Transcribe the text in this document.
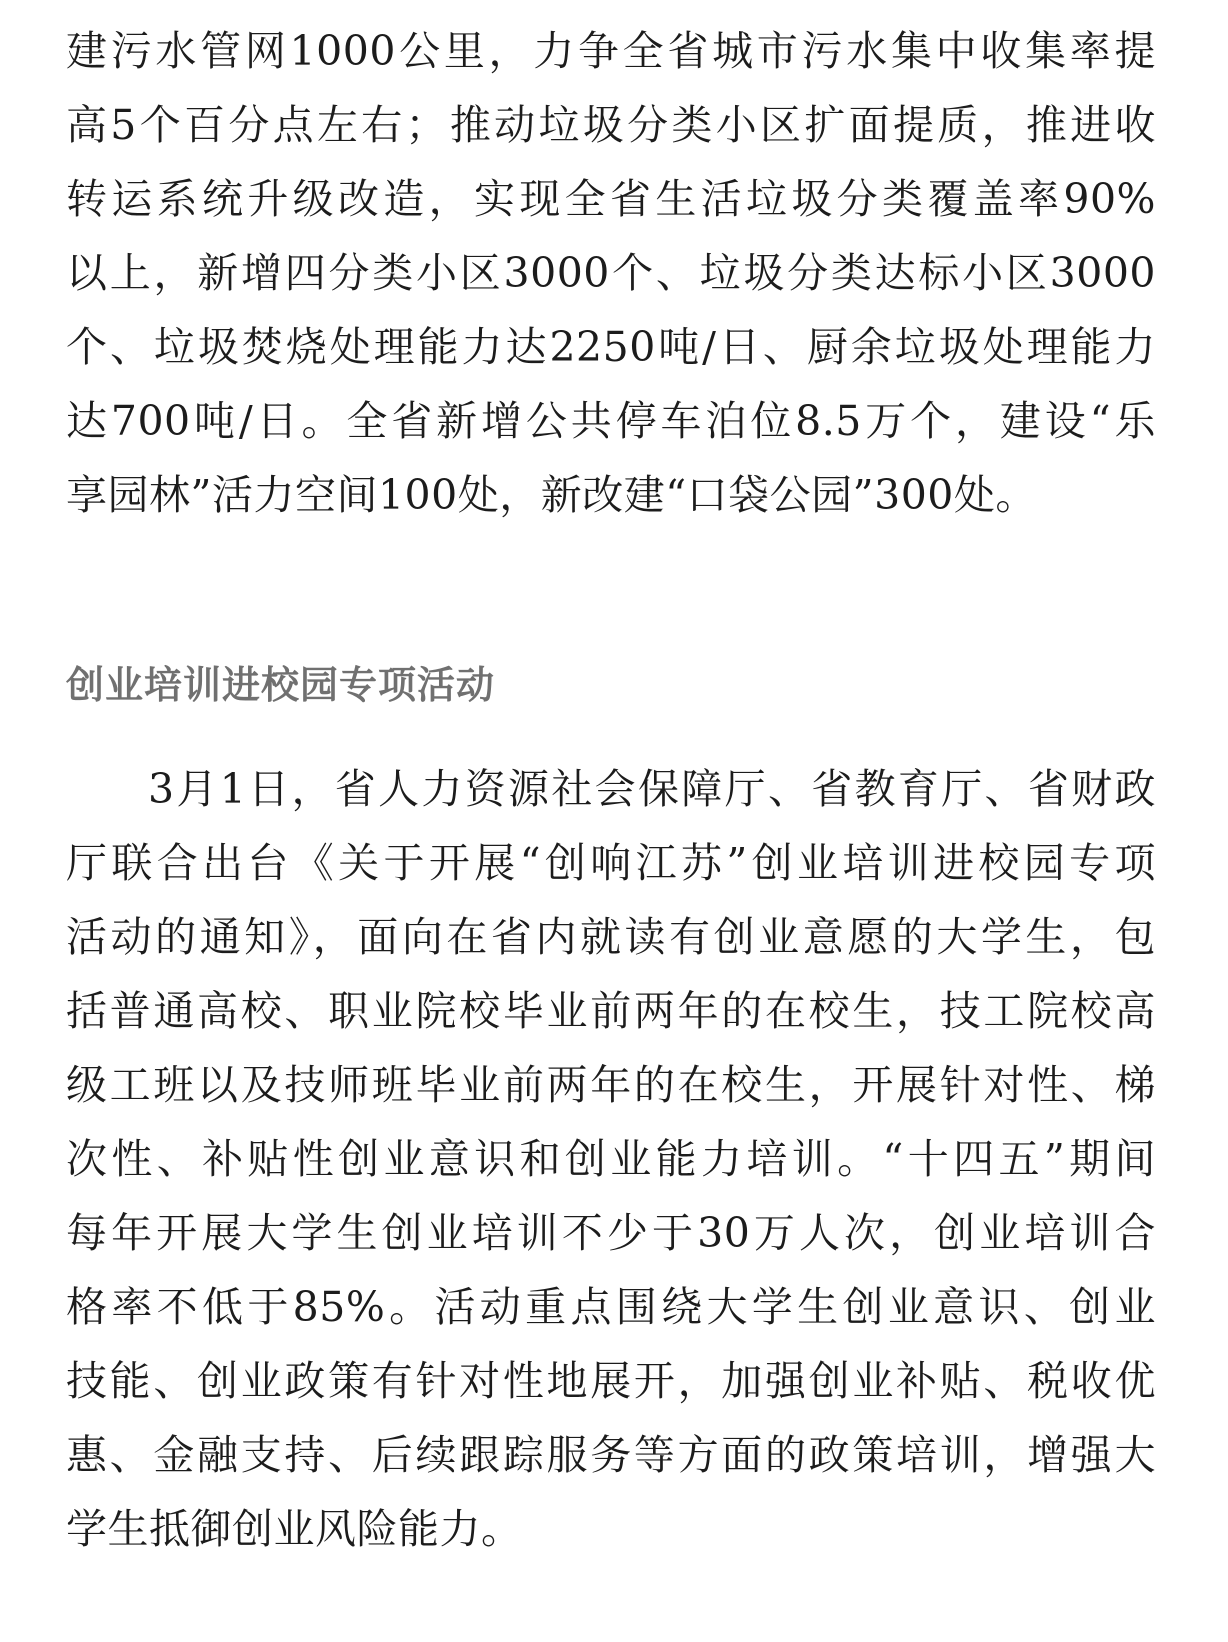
建污水管网1000公里，力争全省城市污水集中收集率提
高5个百分点左右；推动垃圾分类小区扩面提质，推进收
转运系统升级改造，实现全省生活垃圾分类覆盖率90%
以上，新增四分类小区3000个、垃圾分类达标小区3000
个、垃圾焚烧处理能力达2250吨/日、厨余垃圾处理能力
达700吨/日。全省新增公共停车泊位8.5万个，建设“乐
享园林”活力空间100处，新改建“口袋公园”300处。
创业培训进校园专项活动
3月1日，省人力资源社会保障厅、省教育厅、省财政
厅联合出台《关于开展“创响江苏”创业培训进校园专项
活动的通知》，面向在省内就读有创业意愿的大学生，包
括普通高校、职业院校毕业前两年的在校生，技工院校高
级工班以及技师班毕业前两年的在校生，开展针对性、梯
次性、补贴性创业意识和创业能力培训。“十四五”期间
每年开展大学生创业培训不少于30万人次，创业培训合
格率不低于85%。活动重点围绕大学生创业意识、创业
技能、创业政策有针对性地展开，加强创业补贴、税收优
惠、金融支持、后续跟踪服务等方面的政策培训，增强大
学生抵御创业风险能力。
